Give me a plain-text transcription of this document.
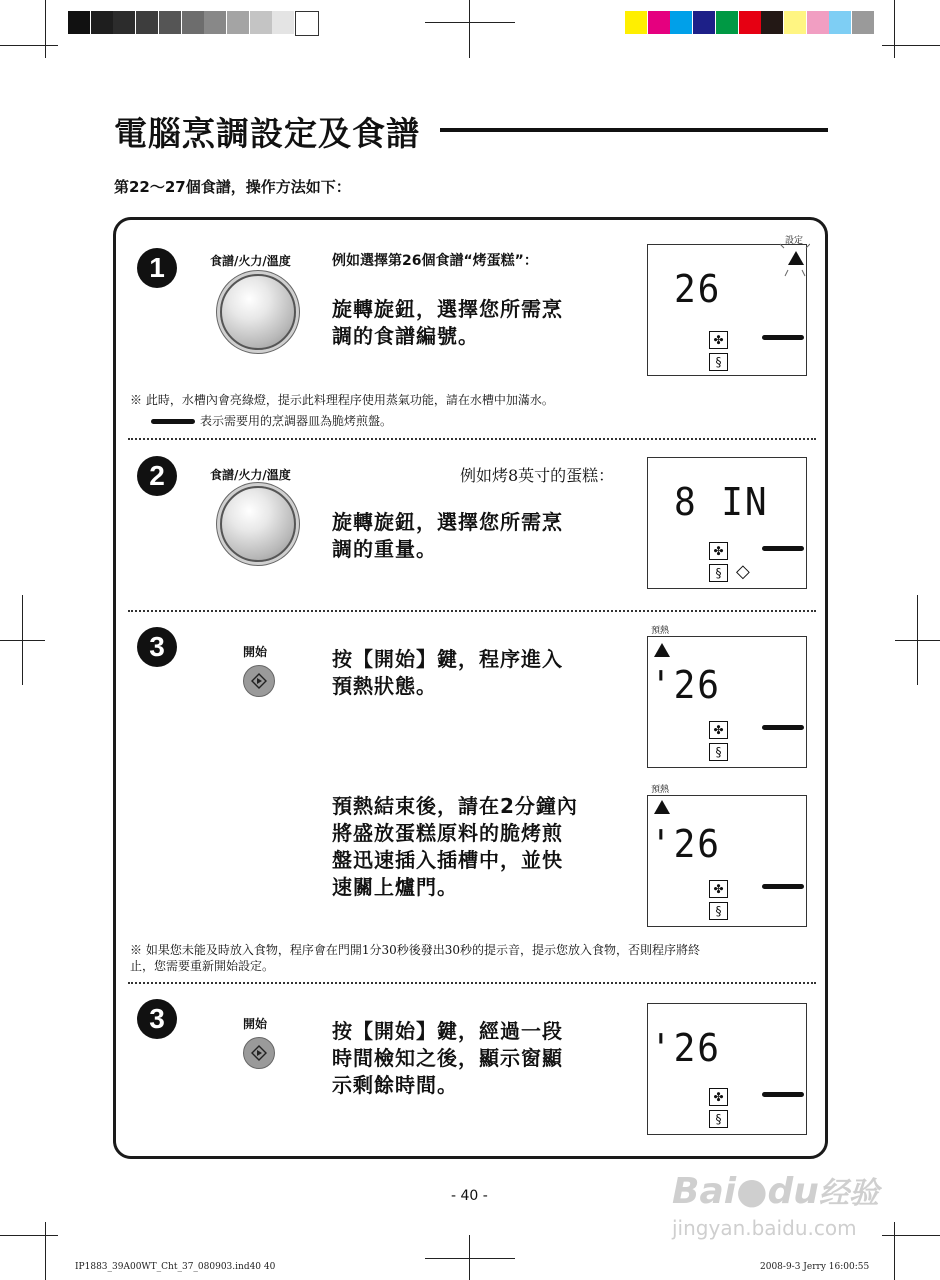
電腦烹調設定及食譜
第22～27個食譜，操作方法如下：
1	食譜/火力/溫度	例如選擇第26個食譜“烤蛋糕”：
旋轉旋鈕，選擇您所需烹
調的食譜編號。
26
✤
§
設定
※ 此時，水槽內會亮綠燈，提示此料理程序使用蒸氣功能，請在水槽中加滿水。
表示需要用的烹調器皿為脆烤煎盤。
2	食譜/火力/溫度	例如烤8英寸的蛋糕：
旋轉旋鈕，選擇您所需烹
調的重量。
8 IN
✤
§ ◇
3	開始	按【開始】鍵，程序進入
預熱狀態。
預熱
'26
✤
§
預熱結束後，請在2分鐘內
將盛放蛋糕原料的脆烤煎
盤迅速插入插槽中，並快
速關上爐門。
預熱
'26
✤
§
※ 如果您未能及時放入食物，程序會在門開1分30秒後發出30秒的提示音，提示您放入食物，否則程序將終
止，您需要重新開始設定。
3	開始	按【開始】鍵，經過一段
時間檢知之後，顯示窗顯
示剩餘時間。
'26
✤
§
- 40 -
IP1883_39A00WT_Cht_37_080903.ind40 40	2008-9-3 Jerry 16:00:55
Bai●du经验
jingyan.baidu.com
